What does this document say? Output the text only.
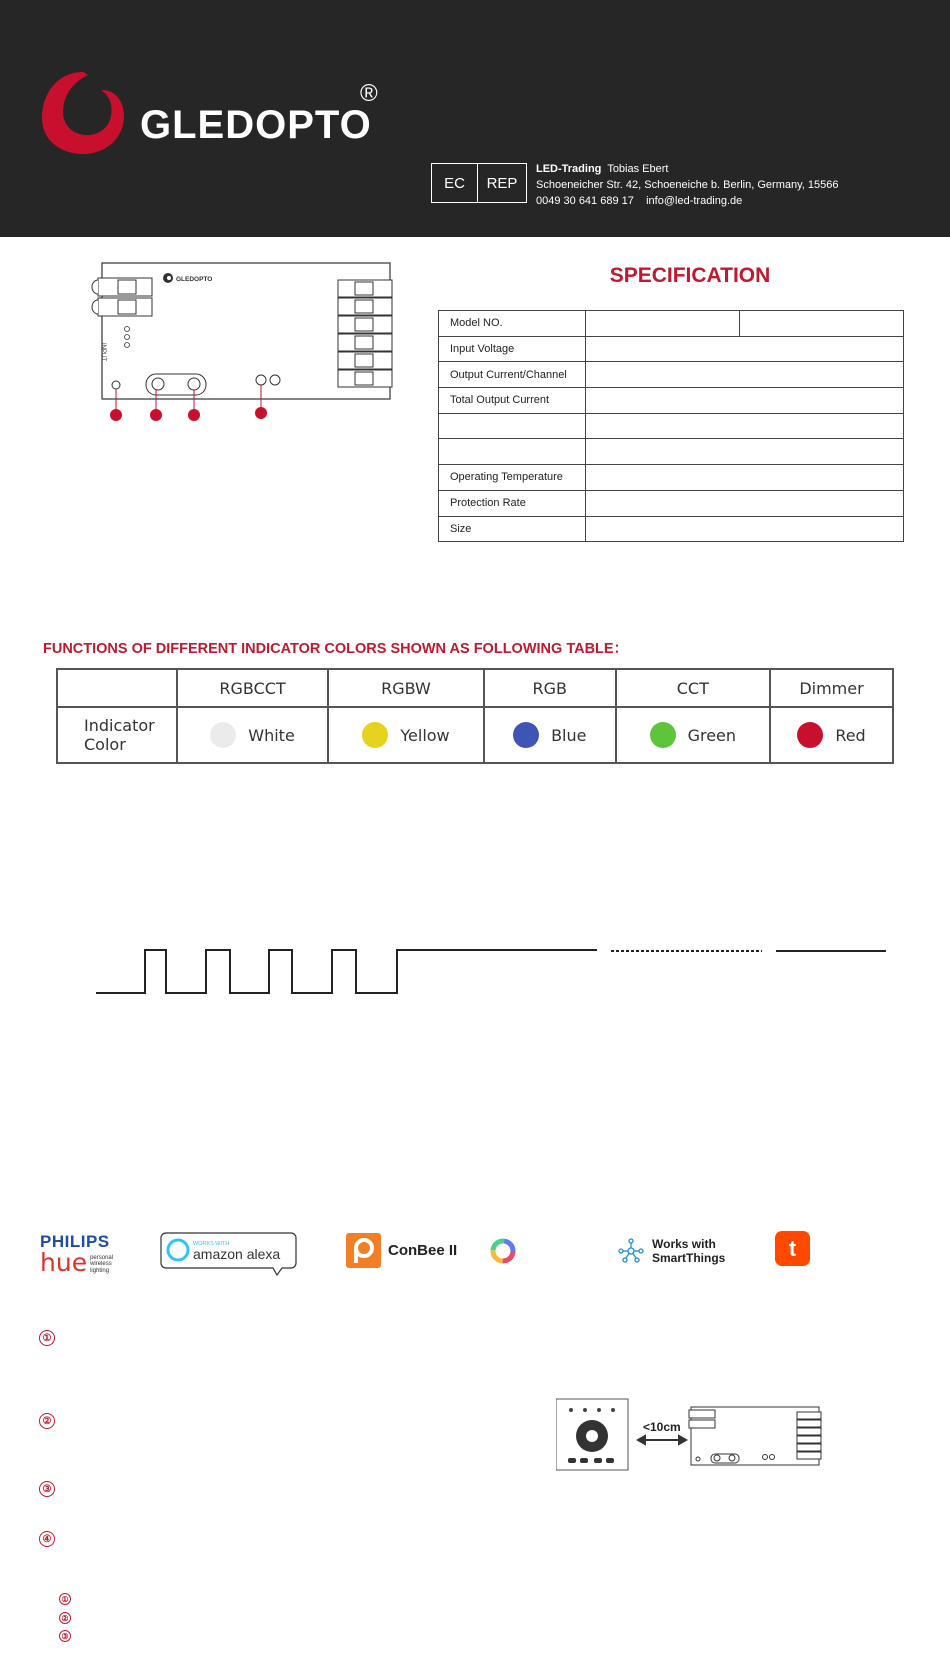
GLEDOPTO
®
EC	REP
LED-Trading Tobias Ebert
Schoeneicher Str. 42, Schoeneiche b. Berlin, Germany, 15566
0049 30 641 689 17 info@led-trading.de
INPUT
GLEDOPTO	SPECIFICATION
Model NO.		
Input Voltage		
Output Current/Channel		
Total Output Current		

Operating Temperature		
Protection Rate		
Size		
FUNCTIONS OF DIFFERENT INDICATOR COLORS SHOWN AS FOLLOWING TABLE：
	RGBCCT	RGBW	RGB	CCT	Dimmer
Indicator Color	White	Yellow	Blue	Green	Red
PHILIPS
hue personal
wireless
lighting
WORKS WITH
amazon alexa	ConBee II	Works with
SmartThings	t
①
②
③
④
①
②
③
<10cm
